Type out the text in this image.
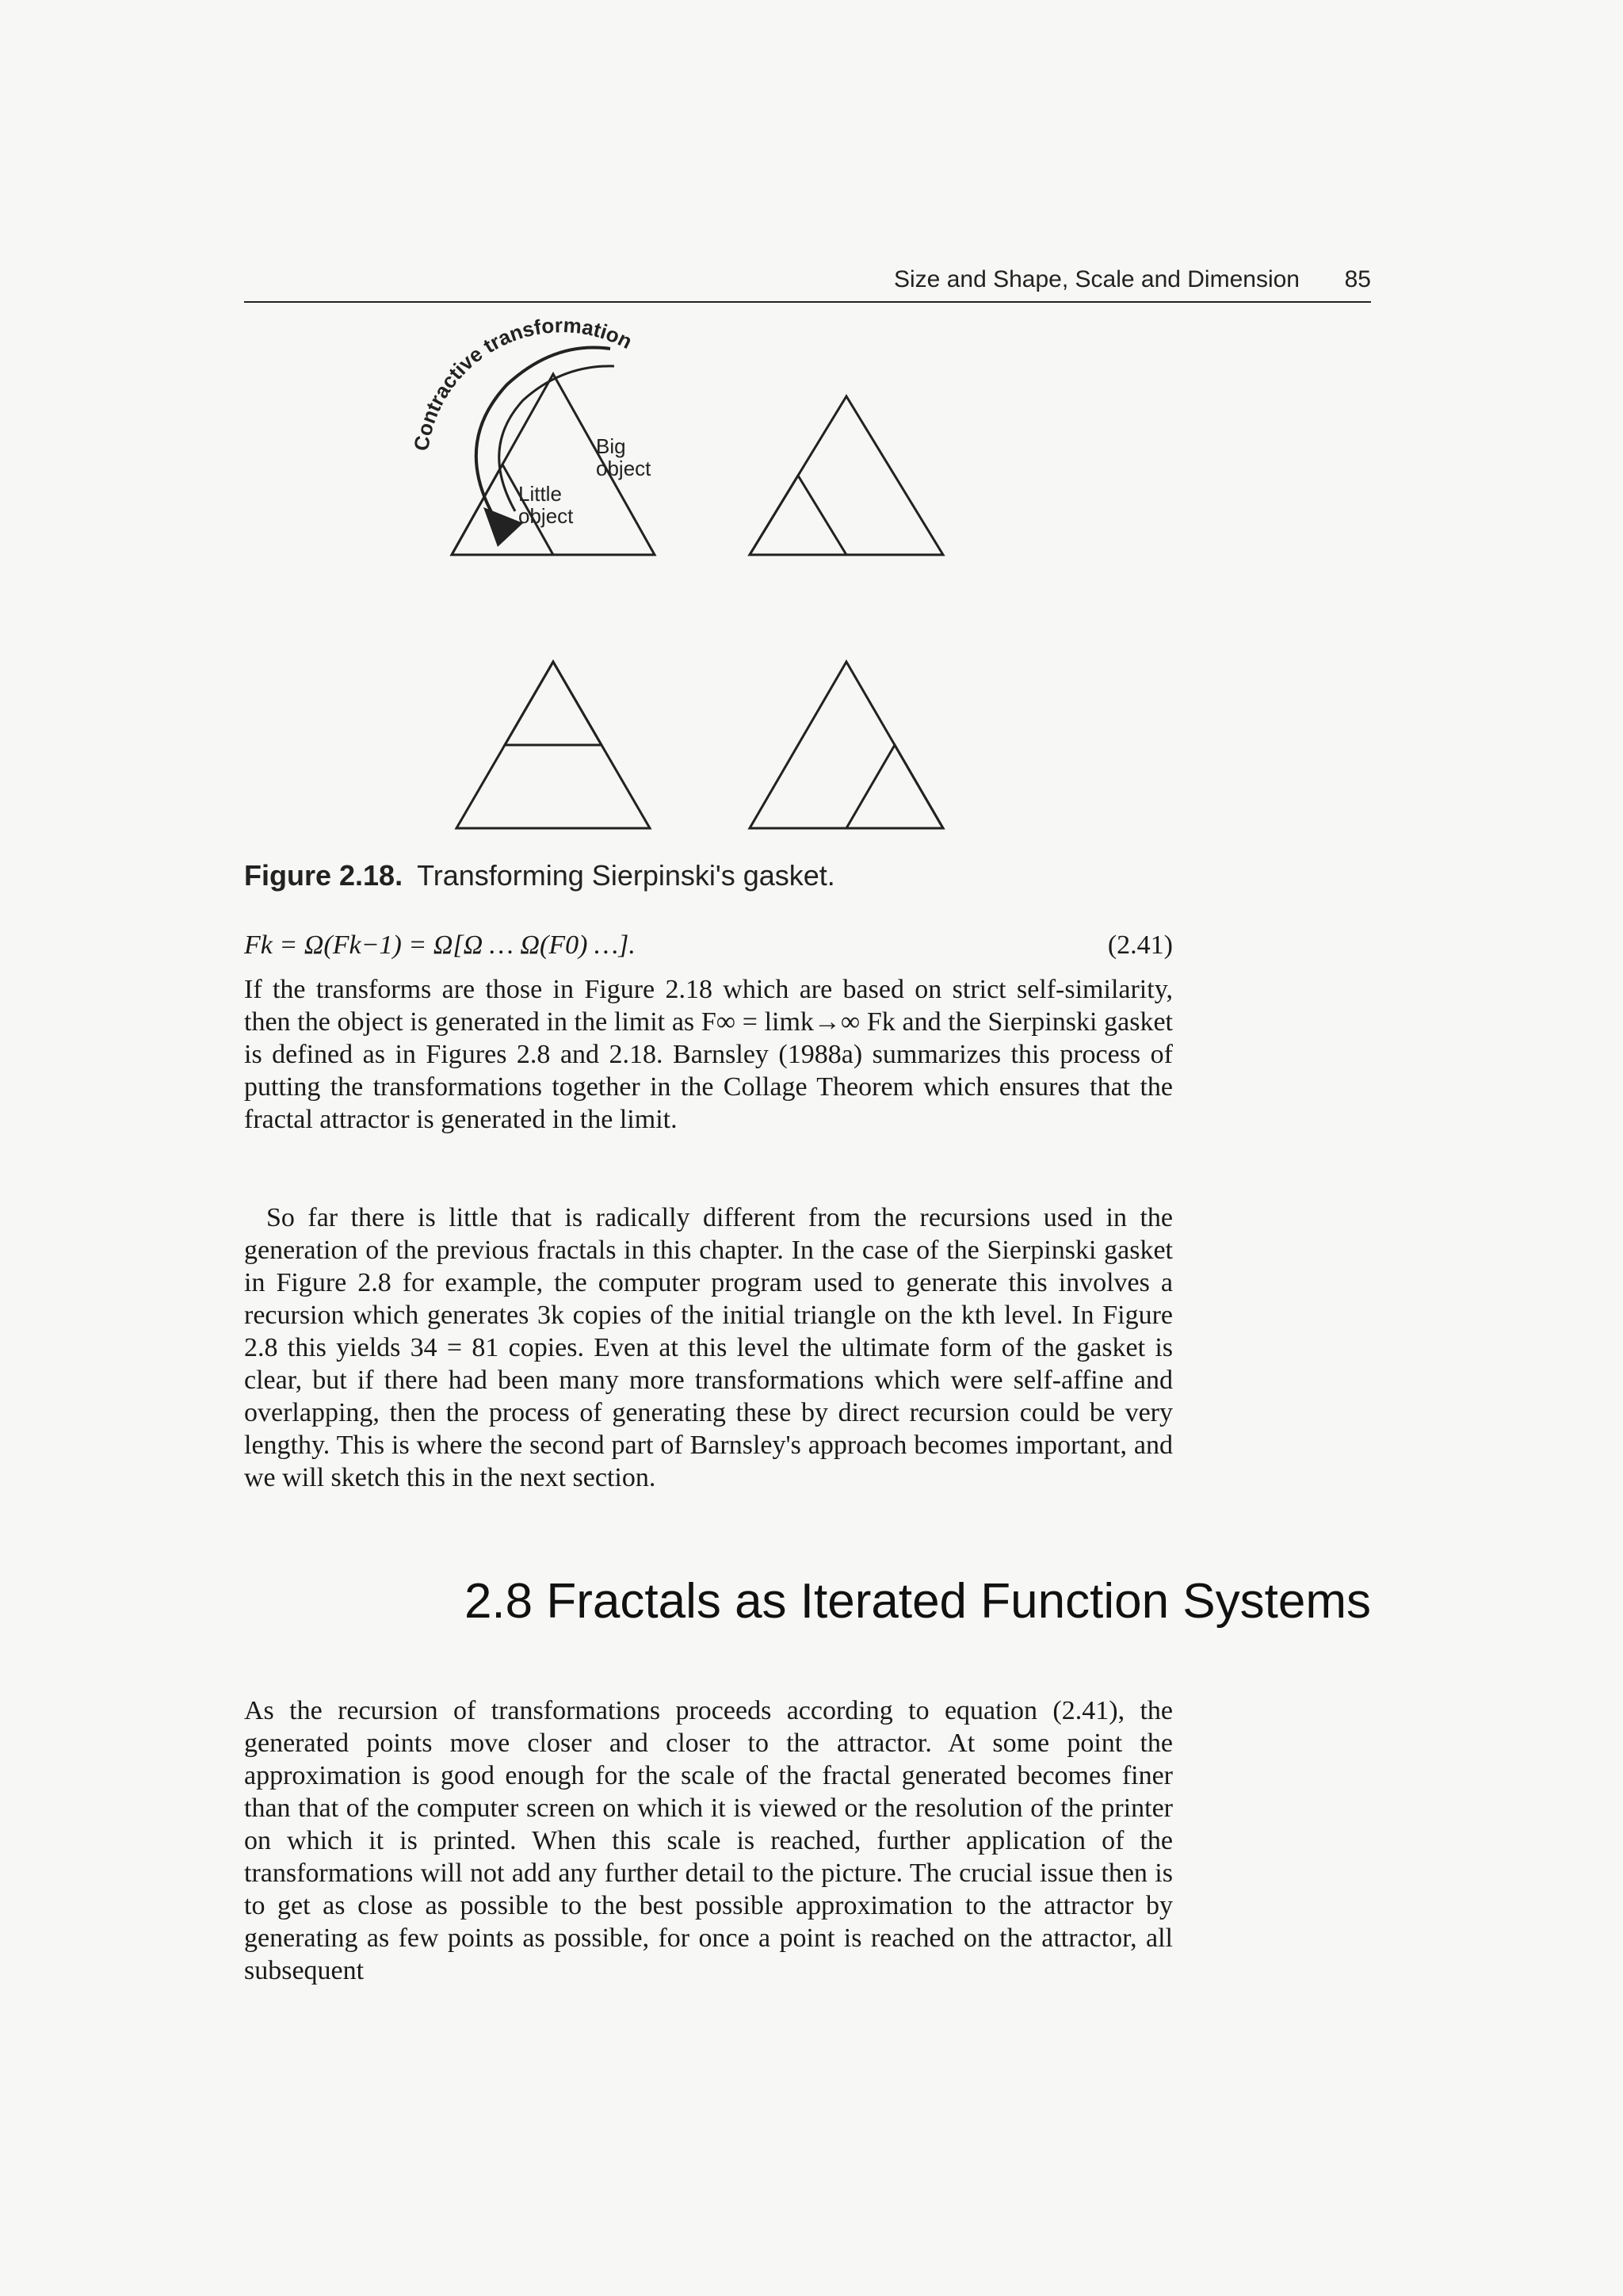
Size and Shape, Scale and Dimension 85
Contractive transformation
Little
object
Big
object
Figure 2.18. Transforming Sierpinski's gasket.
Fk = Ω(Fk−1) = Ω[Ω … Ω(F0) …].	(2.41)

If the transforms are those in Figure 2.18 which are based on strict self-similarity, then the object is generated in the limit as F∞ = limk→∞ Fk and the Sierpinski gasket is defined as in Figures 2.8 and 2.18. Barnsley (1988a) summarizes this process of putting the transformations together in the Collage Theorem which ensures that the fractal attractor is generated in the limit.

So far there is little that is radically different from the recursions used in the generation of the previous fractals in this chapter. In the case of the Sierpinski gasket in Figure 2.8 for example, the computer program used to generate this involves a recursion which generates 3k copies of the initial triangle on the kth level. In Figure 2.8 this yields 34 = 81 copies. Even at this level the ultimate form of the gasket is clear, but if there had been many more transformations which were self-affine and overlapping, then the process of generating these by direct recursion could be very lengthy. This is where the second part of Barnsley's approach becomes important, and we will sketch this in the next section.

2.8 Fractals as Iterated Function Systems

As the recursion of transformations proceeds according to equation (2.41), the generated points move closer and closer to the attractor. At some point the approximation is good enough for the scale of the fractal generated becomes finer than that of the computer screen on which it is viewed or the resolution of the printer on which it is printed. When this scale is reached, further application of the transformations will not add any further detail to the picture. The crucial issue then is to get as close as possible to the best possible approximation to the attractor by generating as few points as possible, for once a point is reached on the attractor, all subsequent
